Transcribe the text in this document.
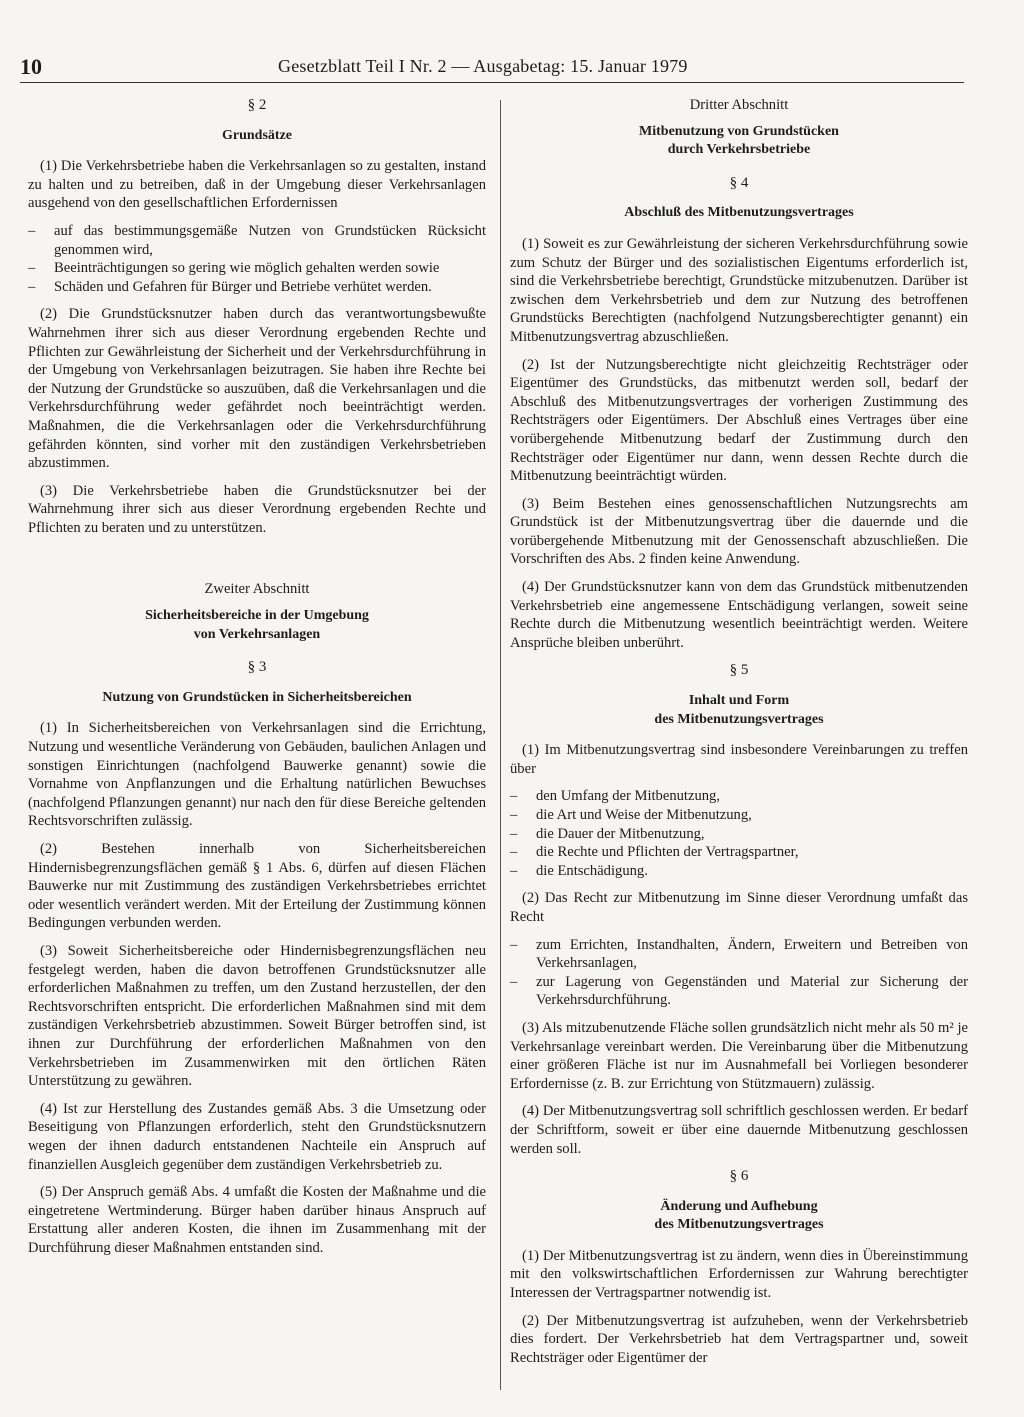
10	Gesetzblatt Teil I Nr. 2 — Ausgabetag: 15. Januar 1979
§ 2
Grundsätze

(1) Die Verkehrsbetriebe haben die Verkehrsanlagen so zu gestalten, instand zu halten und zu betreiben, daß in der Umgebung dieser Verkehrsanlagen ausgehend von den gesellschaftlichen Erfordernissen

–	auf das bestimmungsgemäße Nutzen von Grundstücken Rücksicht genommen wird,
–	Beeinträchtigungen so gering wie möglich gehalten werden sowie
–	Schäden und Gefahren für Bürger und Betriebe verhütet werden.

(2) Die Grundstücksnutzer haben durch das verantwortungsbewußte Wahrnehmen ihrer sich aus dieser Verordnung ergebenden Rechte und Pflichten zur Gewährleistung der Sicherheit und der Verkehrsdurchführung in der Umgebung von Verkehrsanlagen beizutragen. Sie haben ihre Rechte bei der Nutzung der Grundstücke so auszuüben, daß die Verkehrsanlagen und die Verkehrsdurchführung weder gefährdet noch beeinträchtigt werden. Maßnahmen, die die Verkehrsanlagen oder die Verkehrsdurchführung gefährden könnten, sind vorher mit den zuständigen Verkehrsbetrieben abzustimmen.

(3) Die Verkehrsbetriebe haben die Grundstücksnutzer bei der Wahrnehmung ihrer sich aus dieser Verordnung ergebenden Rechte und Pflichten zu beraten und zu unterstützen.

Zweiter Abschnitt
Sicherheitsbereiche in der Umgebung
von Verkehrsanlagen
§ 3
Nutzung von Grundstücken in Sicherheitsbereichen

(1) In Sicherheitsbereichen von Verkehrsanlagen sind die Errichtung, Nutzung und wesentliche Veränderung von Gebäuden, baulichen Anlagen und sonstigen Einrichtungen (nachfolgend Bauwerke genannt) sowie die Vornahme von Anpflanzungen und die Erhaltung natürlichen Bewuchses (nachfolgend Pflanzungen genannt) nur nach den für diese Bereiche geltenden Rechtsvorschriften zulässig.

(2) Bestehen innerhalb von Sicherheitsbereichen Hindernisbegrenzungsflächen gemäß § 1 Abs. 6, dürfen auf diesen Flächen Bauwerke nur mit Zustimmung des zuständigen Verkehrsbetriebes errichtet oder wesentlich verändert werden. Mit der Erteilung der Zustimmung können Bedingungen verbunden werden.

(3) Soweit Sicherheitsbereiche oder Hindernisbegrenzungsflächen neu festgelegt werden, haben die davon betroffenen Grundstücksnutzer alle erforderlichen Maßnahmen zu treffen, um den Zustand herzustellen, der den Rechtsvorschriften entspricht. Die erforderlichen Maßnahmen sind mit dem zuständigen Verkehrsbetrieb abzustimmen. Soweit Bürger betroffen sind, ist ihnen zur Durchführung der erforderlichen Maßnahmen von den Verkehrsbetrieben im Zusammenwirken mit den örtlichen Räten Unterstützung zu gewähren.

(4) Ist zur Herstellung des Zustandes gemäß Abs. 3 die Umsetzung oder Beseitigung von Pflanzungen erforderlich, steht den Grundstücksnutzern wegen der ihnen dadurch entstandenen Nachteile ein Anspruch auf finanziellen Ausgleich gegenüber dem zuständigen Verkehrsbetrieb zu.

(5) Der Anspruch gemäß Abs. 4 umfaßt die Kosten der Maßnahme und die eingetretene Wertminderung. Bürger haben darüber hinaus Anspruch auf Erstattung aller anderen Kosten, die ihnen im Zusammenhang mit der Durchführung dieser Maßnahmen entstanden sind.

Dritter Abschnitt
Mitbenutzung von Grundstücken
durch Verkehrsbetriebe
§ 4
Abschluß des Mitbenutzungsvertrages

(1) Soweit es zur Gewährleistung der sicheren Verkehrsdurchführung sowie zum Schutz der Bürger und des sozialistischen Eigentums erforderlich ist, sind die Verkehrsbetriebe berechtigt, Grundstücke mitzubenutzen. Darüber ist zwischen dem Verkehrsbetrieb und dem zur Nutzung des betroffenen Grundstücks Berechtigten (nachfolgend Nutzungsberechtigter genannt) ein Mitbenutzungsvertrag abzuschließen.

(2) Ist der Nutzungsberechtigte nicht gleichzeitig Rechtsträger oder Eigentümer des Grundstücks, das mitbenutzt werden soll, bedarf der Abschluß des Mitbenutzungsvertrages der vorherigen Zustimmung des Rechtsträgers oder Eigentümers. Der Abschluß eines Vertrages über eine vorübergehende Mitbenutzung bedarf der Zustimmung durch den Rechtsträger oder Eigentümer nur dann, wenn dessen Rechte durch die Mitbenutzung beeinträchtigt würden.

(3) Beim Bestehen eines genossenschaftlichen Nutzungsrechts am Grundstück ist der Mitbenutzungsvertrag über die dauernde und die vorübergehende Mitbenutzung mit der Genossenschaft abzuschließen. Die Vorschriften des Abs. 2 finden keine Anwendung.

(4) Der Grundstücksnutzer kann von dem das Grundstück mitbenutzenden Verkehrsbetrieb eine angemessene Entschädigung verlangen, soweit seine Rechte durch die Mitbenutzung wesentlich beeinträchtigt werden. Weitere Ansprüche bleiben unberührt.

§ 5
Inhalt und Form
des Mitbenutzungsvertrages

(1) Im Mitbenutzungsvertrag sind insbesondere Vereinbarungen zu treffen über

–	den Umfang der Mitbenutzung,
–	die Art und Weise der Mitbenutzung,
–	die Dauer der Mitbenutzung,
–	die Rechte und Pflichten der Vertragspartner,
–	die Entschädigung.

(2) Das Recht zur Mitbenutzung im Sinne dieser Verordnung umfaßt das Recht

–	zum Errichten, Instandhalten, Ändern, Erweitern und Betreiben von Verkehrsanlagen,
–	zur Lagerung von Gegenständen und Material zur Sicherung der Verkehrsdurchführung.

(3) Als mitzubenutzende Fläche sollen grundsätzlich nicht mehr als 50 m² je Verkehrsanlage vereinbart werden. Die Vereinbarung über die Mitbenutzung einer größeren Fläche ist nur im Ausnahmefall bei Vorliegen besonderer Erfordernisse (z. B. zur Errichtung von Stützmauern) zulässig.

(4) Der Mitbenutzungsvertrag soll schriftlich geschlossen werden. Er bedarf der Schriftform, soweit er über eine dauernde Mitbenutzung geschlossen werden soll.

§ 6
Änderung und Aufhebung
des Mitbenutzungsvertrages

(1) Der Mitbenutzungsvertrag ist zu ändern, wenn dies in Übereinstimmung mit den volkswirtschaftlichen Erfordernissen zur Wahrung berechtigter Interessen der Vertragspartner notwendig ist.

(2) Der Mitbenutzungsvertrag ist aufzuheben, wenn der Verkehrsbetrieb dies fordert. Der Verkehrsbetrieb hat dem Vertragspartner und, soweit Rechtsträger oder Eigentümer der
